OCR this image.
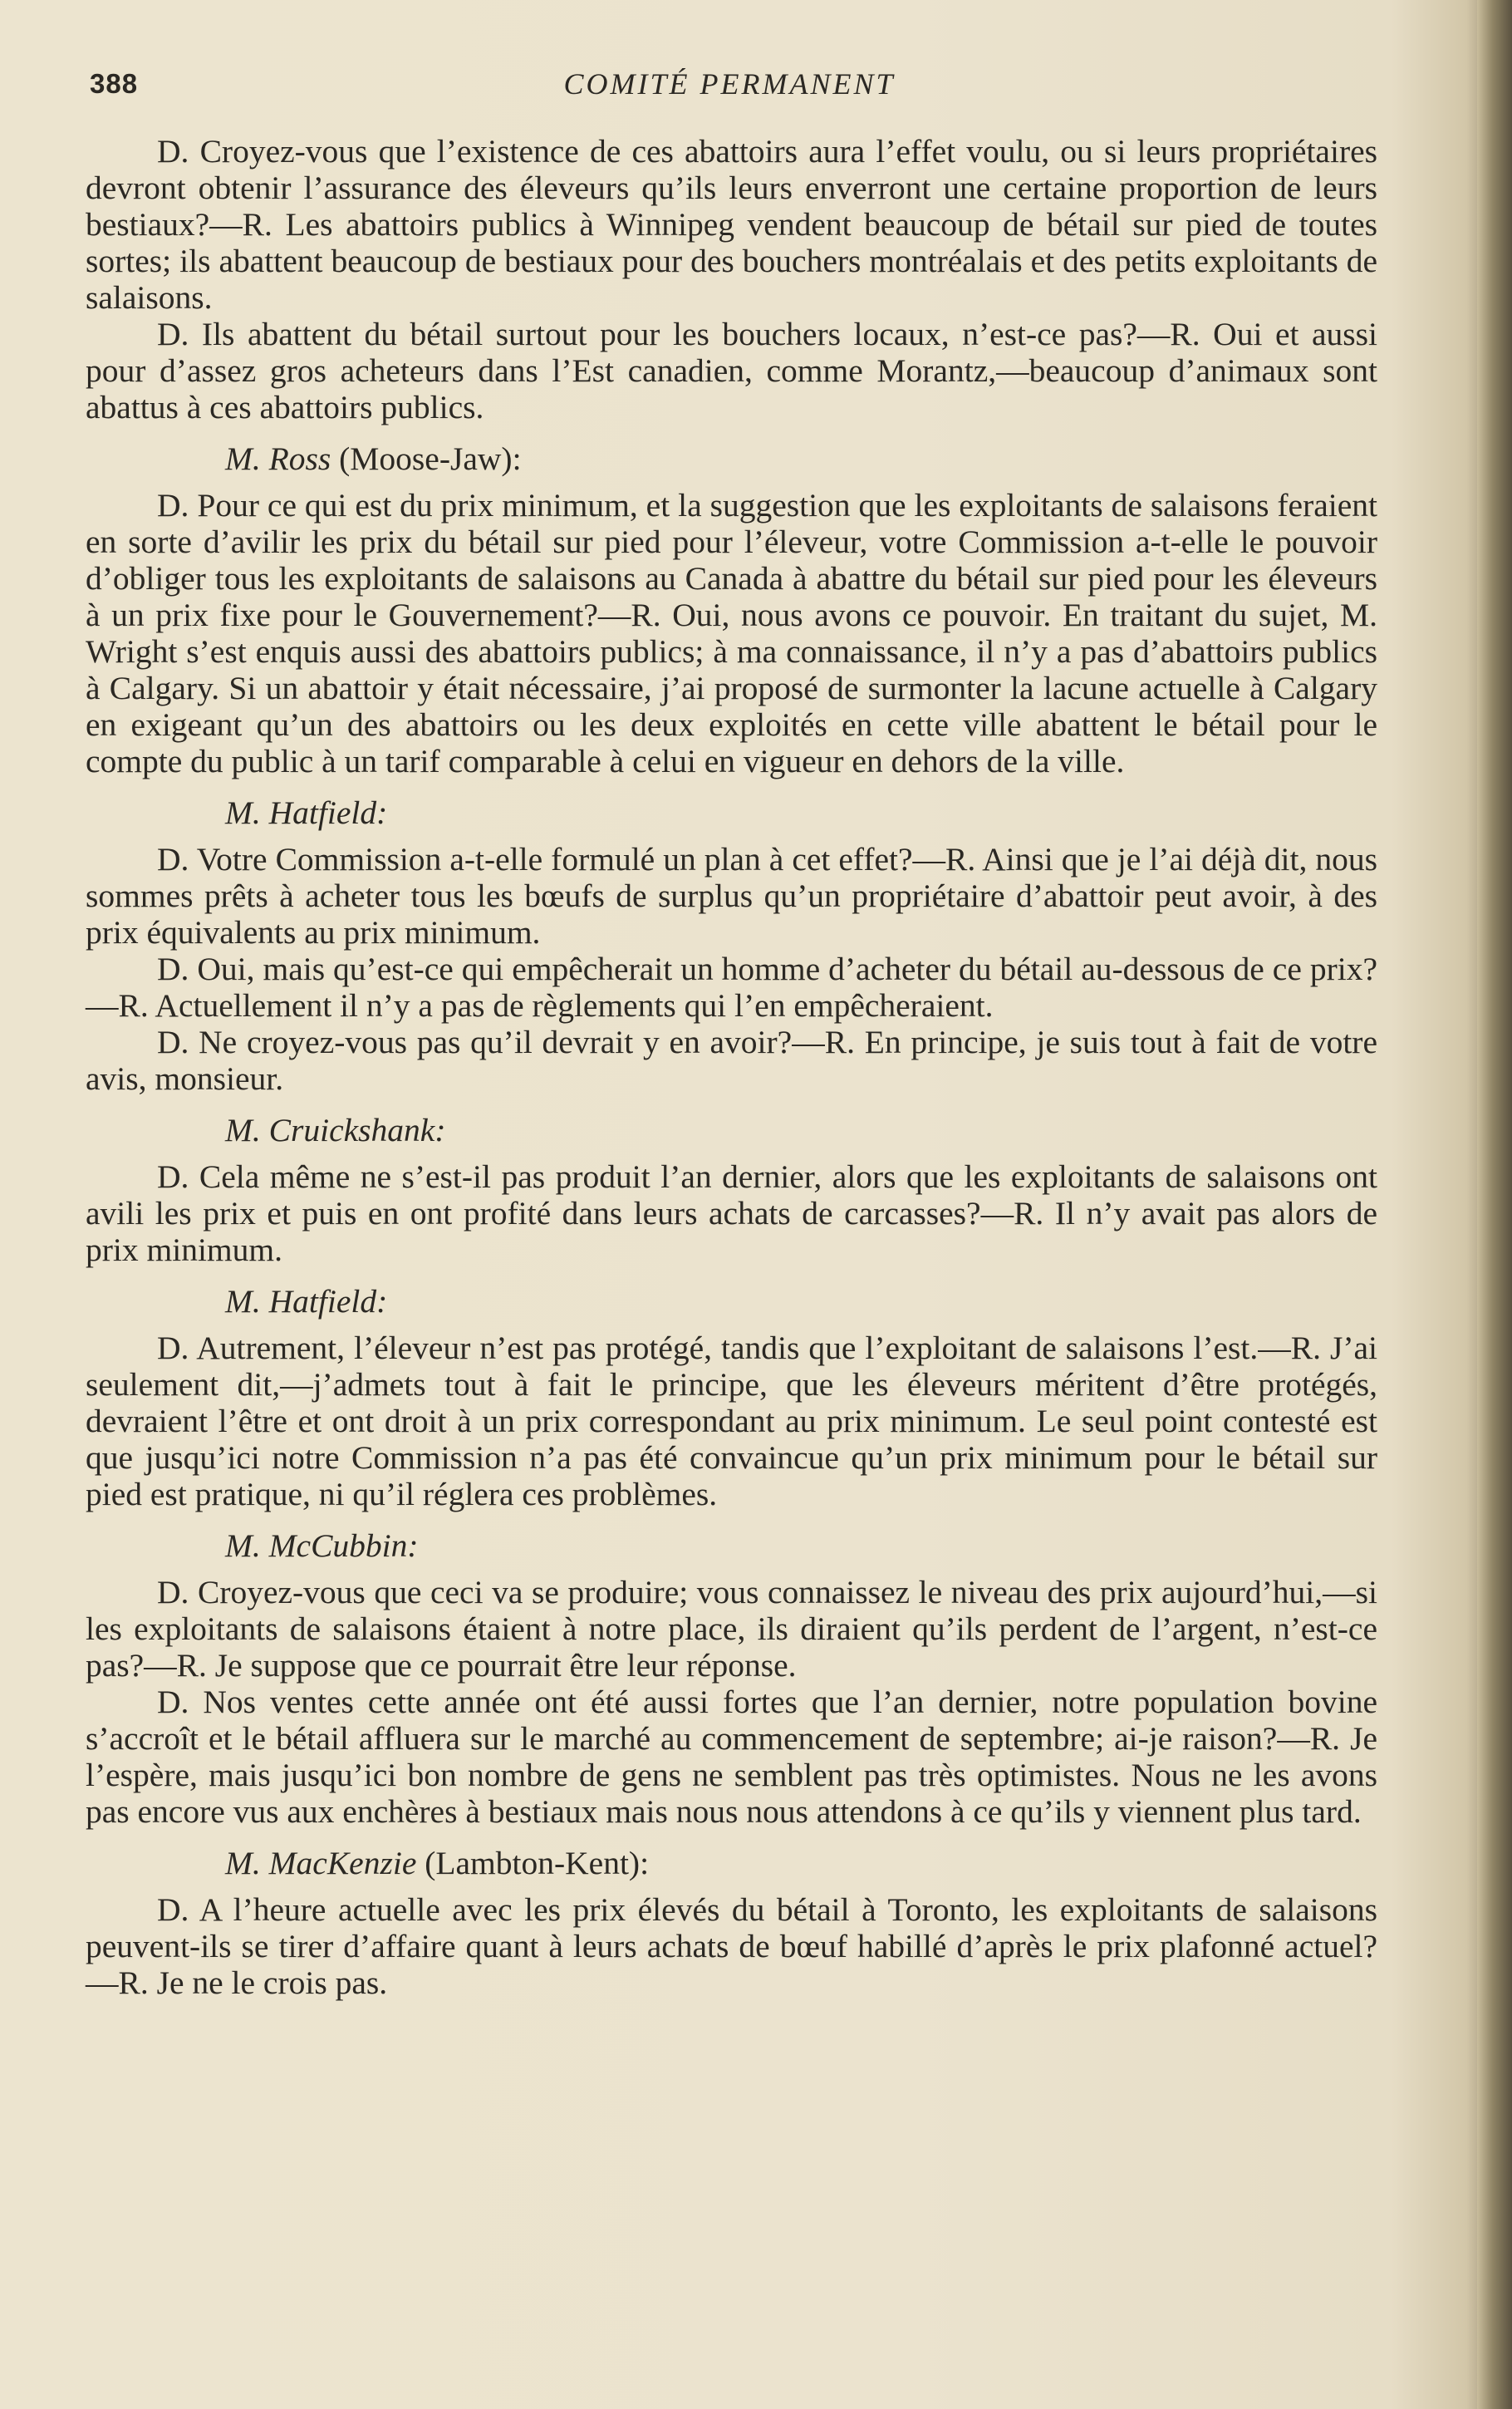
388	COMITÉ PERMANENT

D. Croyez-vous que l’existence de ces abattoirs aura l’effet voulu, ou si leurs propriétaires devront obtenir l’assurance des éleveurs qu’ils leurs enverront une certaine proportion de leurs bestiaux?—R. Les abattoirs publics à Winnipeg vendent beaucoup de bétail sur pied de toutes sortes; ils abattent beaucoup de bestiaux pour des bouchers montréalais et des petits exploitants de salaisons.

D. Ils abattent du bétail surtout pour les bouchers locaux, n’est-ce pas?—R. Oui et aussi pour d’assez gros acheteurs dans l’Est canadien, comme Morantz,—beaucoup d’animaux sont abattus à ces abattoirs publics.

M. Ross (Moose-Jaw):

D. Pour ce qui est du prix minimum, et la suggestion que les exploitants de salaisons feraient en sorte d’avilir les prix du bétail sur pied pour l’éleveur, votre Commission a-t-elle le pouvoir d’obliger tous les exploitants de salaisons au Canada à abattre du bétail sur pied pour les éleveurs à un prix fixe pour le Gouvernement?—R. Oui, nous avons ce pouvoir. En traitant du sujet, M. Wright s’est enquis aussi des abattoirs publics; à ma connaissance, il n’y a pas d’abattoirs publics à Calgary. Si un abattoir y était nécessaire, j’ai proposé de surmonter la lacune actuelle à Calgary en exigeant qu’un des abattoirs ou les deux exploités en cette ville abattent le bétail pour le compte du public à un tarif comparable à celui en vigueur en dehors de la ville.

M. Hatfield:

D. Votre Commission a-t-elle formulé un plan à cet effet?—R. Ainsi que je l’ai déjà dit, nous sommes prêts à acheter tous les bœufs de surplus qu’un propriétaire d’abattoir peut avoir, à des prix équivalents au prix minimum.

D. Oui, mais qu’est-ce qui empêcherait un homme d’acheter du bétail au-dessous de ce prix?—R. Actuellement il n’y a pas de règlements qui l’en empêcheraient.

D. Ne croyez-vous pas qu’il devrait y en avoir?—R. En principe, je suis tout à fait de votre avis, monsieur.

M. Cruickshank:

D. Cela même ne s’est-il pas produit l’an dernier, alors que les exploitants de salaisons ont avili les prix et puis en ont profité dans leurs achats de carcasses?—R. Il n’y avait pas alors de prix minimum.

M. Hatfield:

D. Autrement, l’éleveur n’est pas protégé, tandis que l’exploitant de salaisons l’est.—R. J’ai seulement dit,—j’admets tout à fait le principe, que les éleveurs méritent d’être protégés, devraient l’être et ont droit à un prix correspondant au prix minimum. Le seul point contesté est que jusqu’ici notre Commission n’a pas été convaincue qu’un prix minimum pour le bétail sur pied est pratique, ni qu’il réglera ces problèmes.

M. McCubbin:

D. Croyez-vous que ceci va se produire; vous connaissez le niveau des prix aujourd’hui,—si les exploitants de salaisons étaient à notre place, ils diraient qu’ils perdent de l’argent, n’est-ce pas?—R. Je suppose que ce pourrait être leur réponse.

D. Nos ventes cette année ont été aussi fortes que l’an dernier, notre population bovine s’accroît et le bétail affluera sur le marché au commencement de septembre; ai-je raison?—R. Je l’espère, mais jusqu’ici bon nombre de gens ne semblent pas très optimistes. Nous ne les avons pas encore vus aux enchères à bestiaux mais nous nous attendons à ce qu’ils y viennent plus tard.

M. MacKenzie (Lambton-Kent):

D. A l’heure actuelle avec les prix élevés du bétail à Toronto, les exploitants de salaisons peuvent-ils se tirer d’affaire quant à leurs achats de bœuf habillé d’après le prix plafonné actuel?—R. Je ne le crois pas.
